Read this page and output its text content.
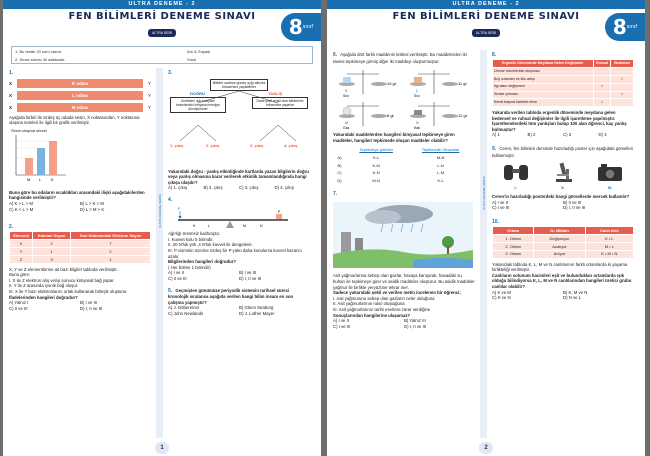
ULTRA DENEME - 2
FEN BİLİMLERİ DENEME SINAVI
ULTRA SERİ	$8^{sınıf}$
1. Bu testte 20 soru vardır.
2. Sınav süresi 40 dakikadır.
Adı & Soyadı
Sınıfı
ULTRA DENEME SERİSİ
1.
X	K odası	Y
X	L odası	Y
X	M odası	Y
Aşağıda birbiri ile özdeş üç odada sesin, X noktasından, Y noktasına ulaşma süreleri ile ilgili bir grafik verilmiştir.
Sesin ulaşma süresi
M L K
Buna göre bu odaların sıcaklıkları arasındaki ilişki aşağıdakilerden hangisinde verilmiştir?
A) K > L > M	B) L > K > M
C) K < L > M	D) L > M > K
2.
Element	Katman Sayısı	Son Katmandaki Elektron Sayısı
X	2	7
Y	1	2
Z	3	1
X, Y ve Z elementlerine ait bazı bilgiler tabloda verilmiştir.
Buna göre;
I. X ile Z elektron alış verişi sonucu kimyasal bağ yapar.
II. Y ile Z arasında iyonik bağ oluşur.
III. X ile Y bazı elektronlarını ortak kullanarak birleşik oluşturur.
İfadelerinden hangileri doğrudur?
A) Yalnız I	B) I ve III
C) II ve III	D) I, II ve III
3.
Bitkiler sadece güneş ışığı altında fotosentez yapabilirler
DOĞRU	YANLIŞ
Ürettikleri ışık enerjisini besinlerdeki kimyasal enerjiye dönüştürürler
Daha yeşil renkli olan bitkilerinin fotosentez yaparlar
1. çıkış	2. çıkış	3. çıkış	4. çıkış
Yukarıdaki doğru - yanlış etkinliğinde kartlarda yazan bilgilerin doğru veya yanlış olmasına karar verilerek etkinlik tamamlandığında hangi çıkışa ulaşılır?
A) 1. çıkış	B) 2. çıkış	C) 3. çıkış	D) 4. çıkış
4.
F
K	L	M	N
P
Ağırlığı önemsiz kaldıraçta;
I. Kuvvet kolu 5 birimdir.
II. 20 N'luk yük ,4 N'luk kuvvet ile dengelenir.
III. P cisminin üzerine özdeş bir P yükü daha konulursa kuvvet kazancı azalır.
Bilgilerinden hangileri doğrudur?
( Her bölme 1 birimdir)
A) I ve II	B) I ve III
C) II ve III	D) I, II ve III
5. Geçmişten günümüze periyodik sistemin tarihsel süreci kronolojik sıralansa aşağıda verilen hangi bilim insanı en son çalışma yapmıştır?
A) J. Döbereiner	B) Glenn Seaborg
C) John Newlands	D) J. Lother Mayer
1
ULTRA DENEME - 2
FEN BİLİMLERİ DENEME SINAVI
ULTRA SERİ	$8^{sınıf}$
ULTRA DENEME SERİSİ
6. Aşağıda dört farklı maddenin kütlesi verilmiştir. Bu maddelerden iki tanesi tepkimeye girmiş diğer iki maddeyi oluşturmuştur.
15 gr
K
Sıvı
11 gr
L
Sıvı
8 gr
M
Gaz
12 gr
N
Katı
Yukarıdaki maddelerden hangileri kimyasal tepkimeye giren maddeler, hangileri tepkimede oluşan maddeler olabilir?
	Tepkimeye girenler	Tepkimede Oluşanlar
A)	K-L	M-N
B)	K-M	L-N
C)	K-N	L-M
D)	M-N	K-L
7.
Asit yağmurlarına sebep olan gazlar, havaya karışarak, havadaki su buharı ile tepkimeye girer ve asidik maddeler oluşturur. Bu asidik maddeler yağmur ile birlikte yeryüzüne tekrar iner.
Sadece yukarıdaki şekil ve verilen metin incelenen bir öğrenci;
I. Asit yağmurunu sebep olan gazların neler olduğuna
II. Asit yağmurlarının nasıl oluştuğuna
III. Asit yağmurlarının tarihi eserlere zarar verdiğine
Sonuçlarından hangilerine ulaşamaz?
A) I ve II	B) Yalnız III
C) I ve III	D) I, II ve III
8.
Ergenlik Döneminde Meydana Gelen Değişimler	Ruhsal	Bedensel
Üreme hücrelerinin oluşması		
Boy uzaması ve kilo artışı		✓
İlgi alanı değişmesi	✓	
Sivilce çıkması		✓
Kendi başına hareket etme	✓	
Yukarıda verilen tabloda ergenlik döneminde meydana gelen bedensel ve ruhsal değişimler ile ilgili işaretleme yapılmıştır. İşaretlemelerdeki tüm yanlışları bulup 100 alan öğrenci, kaç yanlış bulmuştur?
A) 1	B) 2	C) 3	D) 4
9. Ceren, fen bilimleri dersinde hazırladığı poster için aşağıdaki görselleri kullanmıştır.
I.	II.	III.
Ceren'in hazırladığı posterdeki hangi görsellerde mercek kullanılır?
A) I ve II	B) II ve III
C) I ve III	D) I, II ve III
10.
Ortam	O₂ Miktarı	Canlı türü
1. Ortam	Değişmiyor	K • L
2. Ortam	Azalıyor	M • L
3. Ortam	Artıyor	K • M • N
Yukarıdaki tabloda K, L, M ve N canlılarının farklı ortamlarda ki yaşama birlikteliği verilmiştir.
Canlıların solunum hacimleri eşit ve bulundukları ortamlarda ışık olduğu bilindiyorsa K, L, M ve N canlılarından hangileri üretici grubu canlılar olabilir?
A) K ve M	B) K, M ve N
C) K ve N	D) N ve L
2
